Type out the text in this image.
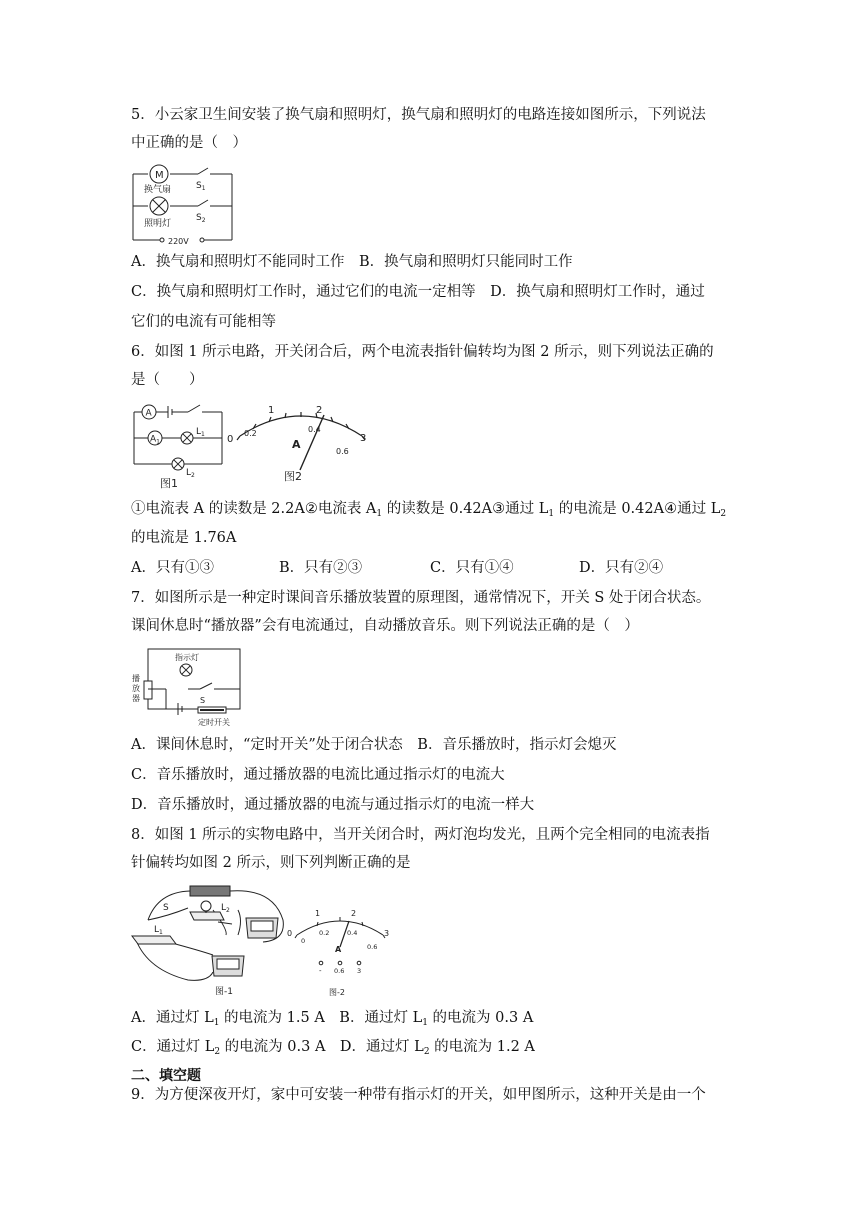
5．小云家卫生间安装了换气扇和照明灯，换气扇和照明灯的电路连接如图所示，下列说法
中正确的是（　）
M
换气扇
照明灯
$S_1$
$S_2$
220V
A．换气扇和照明灯不能同时工作　B．换气扇和照明灯只能同时工作
C．换气扇和照明灯工作时，通过它们的电流一定相等　D．换气扇和照明灯工作时，通过
它们的电流有可能相等
6．如图 1 所示电路，开关闭合后，两个电流表指针偏转均为图 2 所示，则下列说法正确的
是（　　）
A
$A_1$
$L_1$
$L_2$
图1
0
1	2
3
0.2	0.4
0.6
A
图2
①电流表 A 的读数是 2.2A②电流表 $A_1$ 的读数是 0.42A③通过 $L_1$ 的电流是 0.42A④通过 $L_2$
的电流是 1.76A
A．只有①③	B．只有②③	C．只有①④	D．只有②④
7．如图所示是一种定时课间音乐播放装置的原理图，通常情况下，开关 S 处于闭合状态。
课间休息时“播放器”会有电流通过，自动播放音乐。则下列说法正确的是（　）
指示灯
播放器	S
定时开关
A．课间休息时，“定时开关”处于闭合状态　B．音乐播放时，指示灯会熄灭
C．音乐播放时，通过播放器的电流比通过指示灯的电流大
D．音乐播放时，通过播放器的电流与通过指示灯的电流一样大
8．如图 1 所示的实物电路中，当开关闭合时，两灯泡均发光，且两个完全相同的电流表指
针偏转均如图 2 所示，则下列判断正确的是
S
$L_1$
$L_2$
图-1
0
1	2
3
0
0.2	0.4
0.6
A
- 0.6 3
图-2
A．通过灯 $L_1$ 的电流为 1.5 A　B．通过灯 $L_1$ 的电流为 0.3 A
C．通过灯 $L_2$ 的电流为 0.3 A　D．通过灯 $L_2$ 的电流为 1.2 A
二、填空题
9．为方便深夜开灯，家中可安装一种带有指示灯的开关，如甲图所示，这种开关是由一个
